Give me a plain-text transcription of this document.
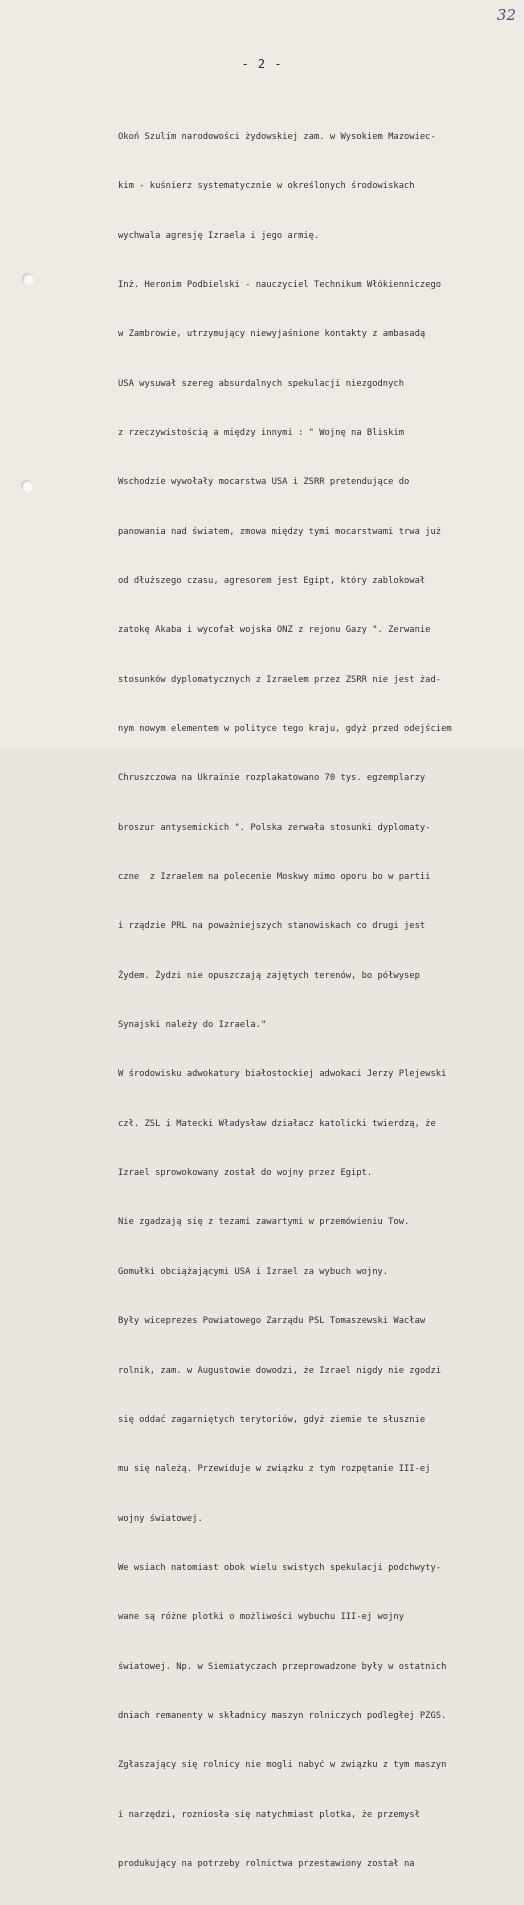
32
- 2 -

Okoń Szulim narodowości żydowskiej zam. w Wysokiem Mazowiec-

kim - kuśnierz systematycznie w określonych środowiskach

wychwala agresję Izraela i jego armię.

Inż. Heronim Podbielski - nauczyciel Technikum Włókienniczego

w Zambrowie, utrzymujący niewyjaśnione kontakty z ambasadą

USA wysuwał szereg absurdalnych spekulacji niezgodnych

z rzeczywistością a między innymi : " Wojnę na Bliskim

Wschodzie wywołały mocarstwa USA i ZSRR pretendujące do

panowania nad światem, zmowa między tymi mocarstwami trwa już

od dłuższego czasu, agresorem jest Egipt, który zablokował

zatokę Akaba i wycofał wojska ONZ z rejonu Gazy ". Zerwanie

stosunków dyplomatycznych z Izraelem przez ZSRR nie jest żad-

nym nowym elementem w polityce tego kraju, gdyż przed odejściem

Chruszczowa na Ukrainie rozplakatowano 70 tys. egzemplarzy

broszur antysemickich ". Polska zerwała stosunki dyplomaty-

czne  z Izraelem na polecenie Moskwy mimo oporu bo w partii

i rządzie PRL na poważniejszych stanowiskach co drugi jest

Żydem. Żydzi nie opuszczają zajętych terenów, bo półwysep

Synajski należy do Izraela."

W środowisku adwokatury białostockiej adwokaci Jerzy Plejewski

czł. ZSL i Matecki Władysław działacz katolicki twierdzą, że

Izrael sprowokowany został do wojny przez Egipt.

Nie zgadzają się z tezami zawartymi w przemówieniu Tow.

Gomułki obciążającymi USA i Izrael za wybuch wojny.

Były wiceprezes Powiatowego Zarządu PSL Tomaszewski Wacław

rolnik, zam. w Augustowie dowodzi, że Izrael nigdy nie zgodzi

się oddać zagarniętych terytoriów, gdyż ziemie te słusznie

mu się należą. Przewiduje w związku z tym rozpętanie III-ej

wojny światowej.

We wsiach natomiast obok wielu swistych spekulacji podchwyty-

wane są różne plotki o możliwości wybuchu III-ej wojny

światowej. Np. w Siemiatyczach przeprowadzone były w ostatnich

dniach remanenty w składnicy maszyn rolniczych podległej PZGS.

Zgłaszający się rolnicy nie mogli nabyć w związku z tym maszyn

i narzędzi, rozniosła się natychmiast plotka, że przemysł

produkujący na potrzeby rolnictwa przestawiony został na
